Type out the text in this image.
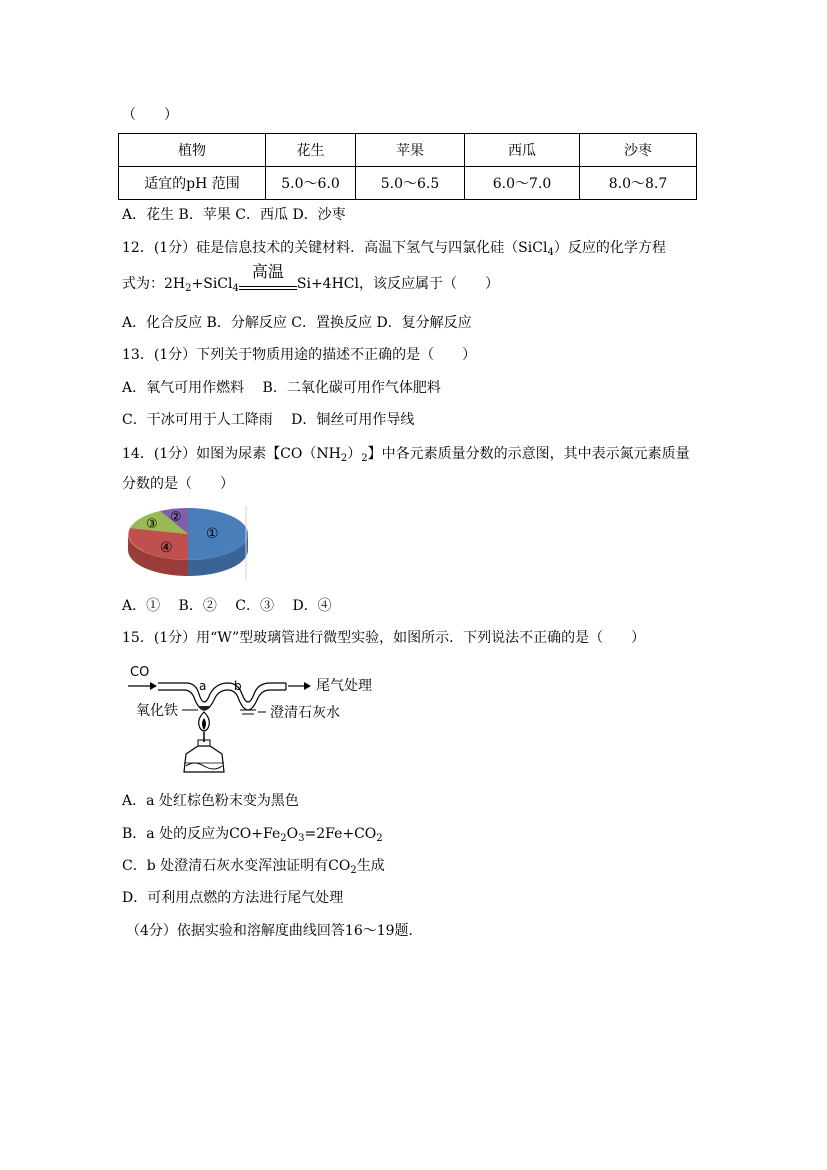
（　　）
植物	花生	苹果	西瓜	沙枣
适宜的pH 范围	5.0～6.0	5.0～6.5	6.0～7.0	8.0～8.7
A．花生 B．苹果 C．西瓜 D．沙枣
12．(1分）硅是信息技术的关键材料．高温下氢气与四氯化硅（SiCl$_4$）反应的化学方程
式为：$2H_2+SiCl_4$
高温
Si+4HCl，该反应属于（　　）
A．化合反应 B．分解反应 C．置换反应 D．复分解反应
13．(1分）下列关于物质用途的描述不正确的是（　　）
A．氧气可用作燃料　 B．二氧化碳可用作气体肥料
C．干冰可用于人工降雨　 D．铜丝可用作导线
14．(1分）如图为尿素【$CO(NH_2)_2$】中各元素质量分数的示意图，其中表示氮元素质量
分数的是（　　）
①
②
③
④
A．①　 B．②　 C．③　 D．④
15．(1分）用“W”型玻璃管进行微型实验，如图所示．下列说法不正确的是（　　）
CO
a b	尾气处理
氧化铁	澄清石灰水
A．a 处红棕色粉末变为黑色
B．a 处的反应为$CO+Fe_2O_3=2Fe+CO_2$
C．b 处澄清石灰水变浑浊证明有$CO_2$生成
D．可利用点燃的方法进行尾气处理
（4分）依据实验和溶解度曲线回答16～19题．
